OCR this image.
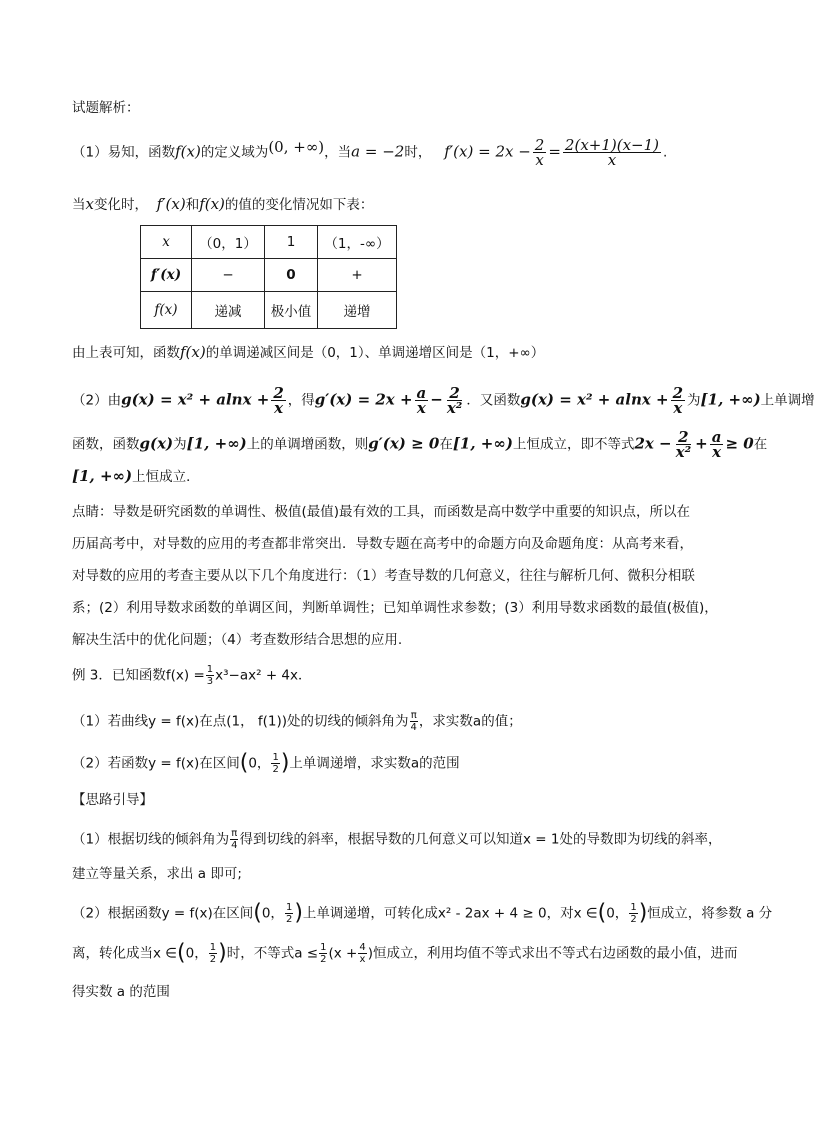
试题解析：
（1）易知，函数f(x)的定义域为(0, +∞)，当a = −2时， $f'(x) = 2x - \frac{2}{x} = \frac{2(x+1)(x-1)}{x}$ .
当x变化时， f′(x)和f(x)的值的变化情况如下表：
x	（0，1）	1	（1，-∞）
f′(x)	−	0	+
f(x)	递减	极小值	递增
由上表可知，函数f(x)的单调递减区间是（0，1）、单调递增区间是（1，+∞）
（2）由$g(x) = x^2 + alnx + \frac{2}{x}$ ，得$g'(x) = 2x + \frac{a}{x} - \frac{2}{\text{x²}}$ ．又函数$g(x) = x^2 + alnx + \frac{2}{x}$ 为[1, +∞)上单调增
函数，函数g(x)为[1, +∞)上的单调增函数，则g′(x) ≥ 0在[1, +∞)上恒成立，即不等式$2x - \frac{2}{\text{x²}} + \frac{a}{x} \ge 0$在
[1, +∞)上恒成立．
点睛：导数是研究函数的单调性、极值(最值)最有效的工具，而函数是高中数学中重要的知识点，所以在
历届高考中，对导数的应用的考查都非常突出．导数专题在高考中的命题方向及命题角度：从高考来看，
对导数的应用的考查主要从以下几个角度进行：（1）考查导数的几何意义，往往与解析几何、微积分相联
系；(2）利用导数求函数的单调区间，判断单调性；已知单调性求参数；(3）利用导数求函数的最值(极值)，
解决生活中的优化问题；（4）考查数形结合思想的应用.
例 3．已知函数$f(x) = \frac{1}{3} x^3-ax^2 + 4x$．
（1）若曲线y = f(x)在点(1， f(1))处的切线的倾斜角为 $\frac{\pi}{4}$ ，求实数a的值；
（2）若函数y = f(x)在区间(0， $\frac{1}{2}$ )上单调递增，求实数a的范围
【思路引导】
（1）根据切线的倾斜角为 $\frac{\pi}{4}$ 得到切线的斜率，根据导数的几何意义可以知道x = 1处的导数即为切线的斜率，
建立等量关系，求出 a 即可;
（2）根据函数y = f(x)在区间(0， $\frac{1}{2}$ )上单调递增，可转化成x² - 2ax + 4 ≥ 0，对x ∈(0， $\frac{1}{2}$ )恒成立，将参数 a 分
离，转化成当x ∈(0， $\frac{1}{2}$ )时，不等式$a \le \frac{1}{2} (x + \frac{4}{x}$ )恒成立，利用均值不等式求出不等式右边函数的最小值，进而
得实数 a 的范围
